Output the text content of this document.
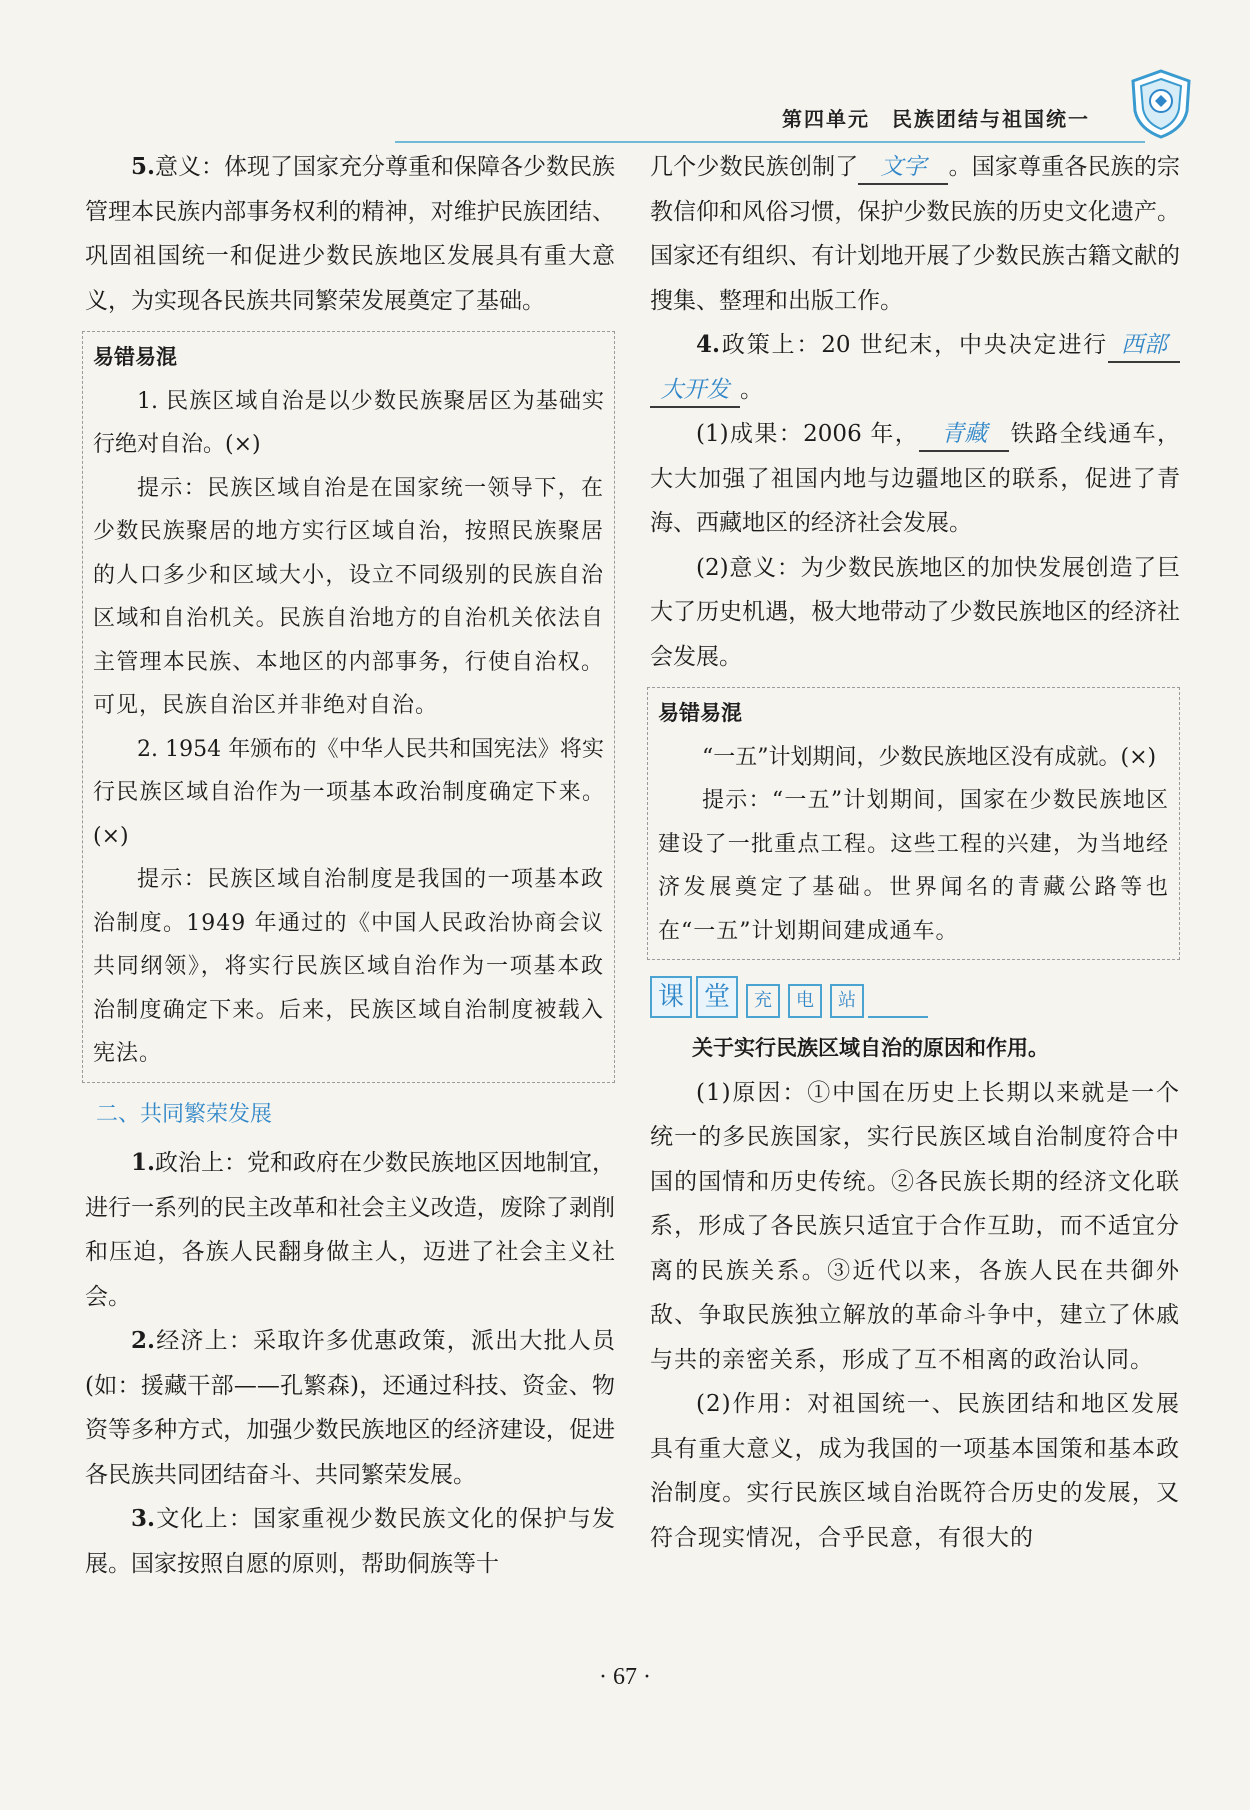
第四单元　民族团结与祖国统一

5.意义：体现了国家充分尊重和保障各少数民族管理本民族内部事务权利的精神，对维护民族团结、巩固祖国统一和促进少数民族地区发展具有重大意义，为实现各民族共同繁荣发展奠定了基础。

易错易混

1. 民族区域自治是以少数民族聚居区为基础实行绝对自治。(×)

提示：民族区域自治是在国家统一领导下，在少数民族聚居的地方实行区域自治，按照民族聚居的人口多少和区域大小，设立不同级别的民族自治区域和自治机关。民族自治地方的自治机关依法自主管理本民族、本地区的内部事务，行使自治权。可见，民族自治区并非绝对自治。

2. 1954 年颁布的《中华人民共和国宪法》将实行民族区域自治作为一项基本政治制度确定下来。(×)

提示：民族区域自治制度是我国的一项基本政治制度。1949 年通过的《中国人民政治协商会议共同纲领》，将实行民族区域自治作为一项基本政治制度确定下来。后来，民族区域自治制度被载入宪法。

二、共同繁荣发展

1.政治上：党和政府在少数民族地区因地制宜，进行一系列的民主改革和社会主义改造，废除了剥削和压迫，各族人民翻身做主人，迈进了社会主义社会。

2.经济上：采取许多优惠政策，派出大批人员(如：援藏干部——孔繁森)，还通过科技、资金、物资等多种方式，加强少数民族地区的经济建设，促进各民族共同团结奋斗、共同繁荣发展。

3.文化上：国家重视少数民族文化的保护与发展。国家按照自愿的原则，帮助侗族等十

几个少数民族创制了 文字 。国家尊重各民族的宗教信仰和风俗习惯，保护少数民族的历史文化遗产。国家还有组织、有计划地开展了少数民族古籍文献的搜集、整理和出版工作。

4.政策上：20 世纪末，中央决定进行 西部大开发 。

(1)成果：2006 年， 青藏 铁路全线通车，大大加强了祖国内地与边疆地区的联系，促进了青海、西藏地区的经济社会发展。

(2)意义：为少数民族地区的加快发展创造了巨大了历史机遇，极大地带动了少数民族地区的经济社会发展。

易错易混

“一五”计划期间，少数民族地区没有成就。(×)

提示：“一五”计划期间，国家在少数民族地区建设了一批重点工程。这些工程的兴建，为当地经济发展奠定了基础。世界闻名的青藏公路等也在“一五”计划期间建成通车。

课 堂	充	电	站

关于实行民族区域自治的原因和作用。

(1)原因：①中国在历史上长期以来就是一个统一的多民族国家，实行民族区域自治制度符合中国的国情和历史传统。②各民族长期的经济文化联系，形成了各民族只适宜于合作互助，而不适宜分离的民族关系。③近代以来，各族人民在共御外敌、争取民族独立解放的革命斗争中，建立了休戚与共的亲密关系，形成了互不相离的政治认同。

(2)作用：对祖国统一、民族团结和地区发展具有重大意义，成为我国的一项基本国策和基本政治制度。实行民族区域自治既符合历史的发展，又符合现实情况，合乎民意，有很大的

· 67 ·
